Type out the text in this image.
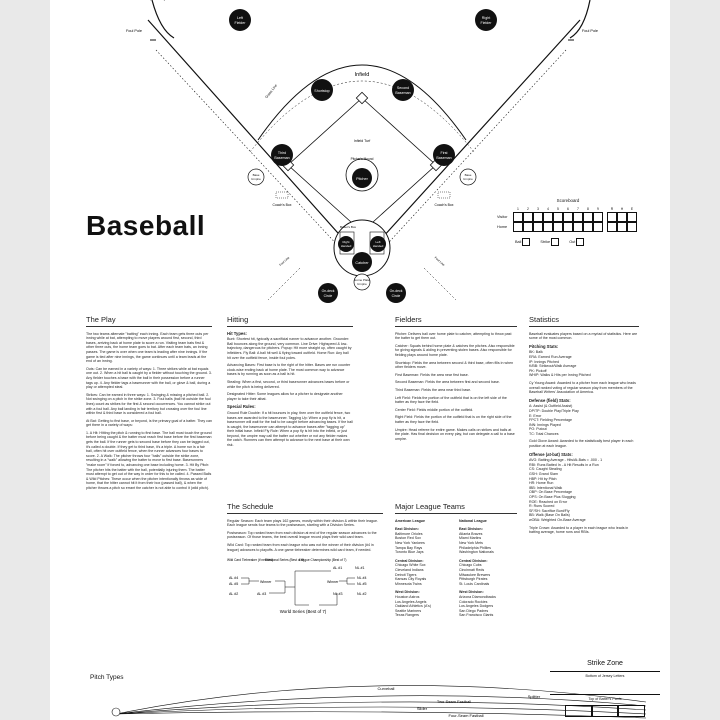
Left
Fielder
Right
Fielder
Shortstop
Second
Baseman
Third
Baseman
First
Baseman
Pitcher
Catcher
Right
Handed
Left
Handed
Home Plate
Umpire
On-deck
Circle
On-deck
Circle
Base
Umpire
Base
Umpire
Infield
Infield Turf
Grass Line
Foul Pole	Foul Pole
Pitcher's Mound
Coach's Box	Coach's Box
Batter's Box
Foul Line	Foul Line
Baseball
Scoreboard
Visitor
Home
1 2 3 4 5 6 7 8 9	R H E
Ball	Strike	Out
The Play

The two teams alternate "batting" each inning. Each team gets three outs per inning while at bat, attempting to move players around first, second, third bases, arriving back at home plate to score a run. Visiting team bats first & other three outs, the home team goes to bat. After each team bats, an inning passes. The game is over when one team is leading after nine innings. If the game is tied after nine innings, the game continues until a team leads at the end of an inning.

Outs: Can be earned in a variety of ways: 1. Three strikes while at bat equals one out. 2. When a hit ball is caught by a fielder without touching the ground. 3. Any fielder touches a base with the ball in their possession before a runner tags up. 4. Any fielder tags a baserunner with the ball, or glove & ball, during a play or attempted steal.

Strikes: Can be earned in three ways: 1. Swinging & missing a pitched ball. 2. Not swinging on a pitch in the strike zone. 3. Foul balls (ball hit outside the foul lines) count as strikes for the first & second occurrences. You cannot strike out with a foul ball. Any ball landing in fair territory but crossing over the foul line within first & third base is considered a foul ball.

At Bat: Getting to first base, or beyond, is the primary goal of a batter. They can get there in a variety of ways:

1. A Hit: Hitting the pitch & running to first base. The ball must touch the ground before being caught & the batter must reach first base before the first baseman gets the ball. If the runner gets to second base before they can be tagged out, it's called a double. If they get to third base, it's a triple. A home run is a fair ball, often hit over outfield fence, when the runner advances four bases to score. 2. A Walk: The pitcher throws four "balls" outside the strike zone, resulting in a "walk" allowing the batter to move to first base. Baserunners "make room" if forced to, advancing one base including home. 3. Hit By Pitch: The pitcher hits the batter with the ball, potentially injuring them. The batter must attempt to get out of the way in order for this to be called. 4. Passed Balls & Wild Pitches: These occur when the pitcher intentionally throws as wide of home, that the hitter cannot hit it from their box (passed ball), & when the pitcher throws a pitch so errant the catcher is not able to control it (wild pitch).

Hitting
Hit Types:

Bunt: Shortest hit, typically a sacrificial runner to advance another. Grounder: Ball bounces along the ground, very common. Line Drive: Highspeed & low-trajectory, dangerous for pitchers. Popup: Hit more straight up, often caught by infielders. Fly Ball: A ball hit well & flying toward outfield. Home Run: Any ball hit over the outfield fence, inside foul poles.

Advancing Bases: First base is to the right of the hitter. Bases are run counter clock-wise ending back at home plate. The most common way to advance bases is by running as soon as a ball is hit.

Stealing: When a first, second, or third baserunner advances bases before or while the pitch is being delivered.

Designated Hitter: Some leagues allow for a pitcher to designate another player to take their atbat.

Special Rules:

Ground Rule Double: If a hit bounces in play, then over the outfield fence, two bases are awarded to the baserunner. Tagging Up: When a pop fly is hit, a baserunner will wait for the ball to be caught before advancing bases. If the ball is caught, the baserunner can attempt to advance bases after "tagging up" their initial base. Infield Fly Rule: When a pop fly is hit into the infield, or just beyond, the umpire may call the batter out whether or not any fielder makes the catch. Runners can then attempt to advance to the next base at their own risk.

The Schedule

Regular Season: Each team plays 162 games, mostly within their division & within their league. Each league sends four teams to the postseason, starting with a Division Series.

Postseason: Top ranked team from each division at end of the regular season advances to the postseason. Of those teams, the best overall league record plays their wild card team.

Wild Card: Top ranked team from each league who was not the winner of their division (#4 in league) advances to playoffs. A one game tiebreaker determines wild card team, if needed.

Wild Card Tiebreaker (if needed)
Divisional Series (Best of 5)
League Championship (Best of 7)
AL #4
AL #5	Winner
AL #1
AL #2	AL #3
NL #1
NL #2
NL #3
Winner
NL #4
NL #5
World Series (Best of 7)
Fielders

Pitcher: Delivers ball over home plate to catcher, attempting to throw past the batter to get them out.

Catcher: Squats behind home plate & catches the pitches. Also responsible for giving signals & aiding in preventing stolen bases. Also responsible for fielding plays around home plate.

Shortstop: Fields the area between second & third base, often fills in when other fielders move.

First Baseman: Fields the area near first base.

Second Baseman: Fields the area between first and second base.

Third Baseman: Fields the area near third base.

Left Field: Fields the portion of the outfield that is on the left side of the batter as they face the field.

Center Field: Fields middle portion of the outfield.

Right Field: Fields the portion of the outfield that is on the right side of the batter as they face the field.

Umpire: Head referee for entire game. Makes calls on strikes and balls at the plate. Has final decision on every play, but can delegate a call to a base umpire.

Major League Teams
American League
East Division:
Baltimore Orioles
Boston Red Sox
New York Yankees
Tampa Bay Rays
Toronto Blue Jays
Central Division:
Chicago White Sox
Cleveland Indians
Detroit Tigers
Kansas City Royals
Minnesota Twins
West Division:
Houston Astros
Los Angeles Angels
Oakland Athletics (A's)
Seattle Mariners
Texas Rangers
National League
East Division:
Atlanta Braves
Miami Marlins
New York Mets
Philadelphia Phillies
Washington Nationals
Central Division:
Chicago Cubs
Cincinnati Reds
Milwaukee Brewers
Pittsburgh Pirates
St. Louis Cardinals
West Division:
Arizona Diamondbacks
Colorado Rockies
Los Angeles Dodgers
San Diego Padres
San Francisco Giants
Statistics

Baseball evaluates players based on a myriad of statistics. Here are some of the most common.

Pitching Stats:
BK: Balk
ERA: Earned Run Average
IP: Innings Pitched
K/BB: Strikeout/Walk Average
PK: Pickoff
WHIP: Walks & Hits per Inning Pitched

Cy Young Award: Awarded to a pitcher from each league who leads overall ranked voting of regular season play from members of the Baseball Writers' Association of America.

Defense (field) Stats:
A: Assist (& Outfield Assist)
DP/TP: Double Play/Triple Play
E: Error
FPCT: Fielding Percentage
INN: Innings Played
PO: Putout
TC: Total Chances

Gold Glove Award: Awarded to the statistically best player in each position at each league.

Offense (at-bat) Stats:
AVG: Batting Average - Hits/At-Bats = .000 - 1
RBI: Runs Batted In - A Hit Results in a Run
CS: Caught Stealing
GSH: Grand Slam
HBP: Hit by Pitch
HR: Home Run
IBB: Intentional Walk
OBP: On Base Percentage
OPS: On Base Plus Slugging
ROE: Reached on Error
R: Runs Scored
SF/SH: Sacrifice Bunt/Fly
BB: Walk (Base On Balls)
wOBA: Weighted On-Base Average

Triple Crown: Awarded to a player in each league who leads in batting average, home runs and RBIs.

Strike Zone
Bottom of Jersey Letters
Top of Batter's Pants
Pitch Types
Curveball
Splitter
Two-Seam Fastball
Slider
Four-Seam Fastball
